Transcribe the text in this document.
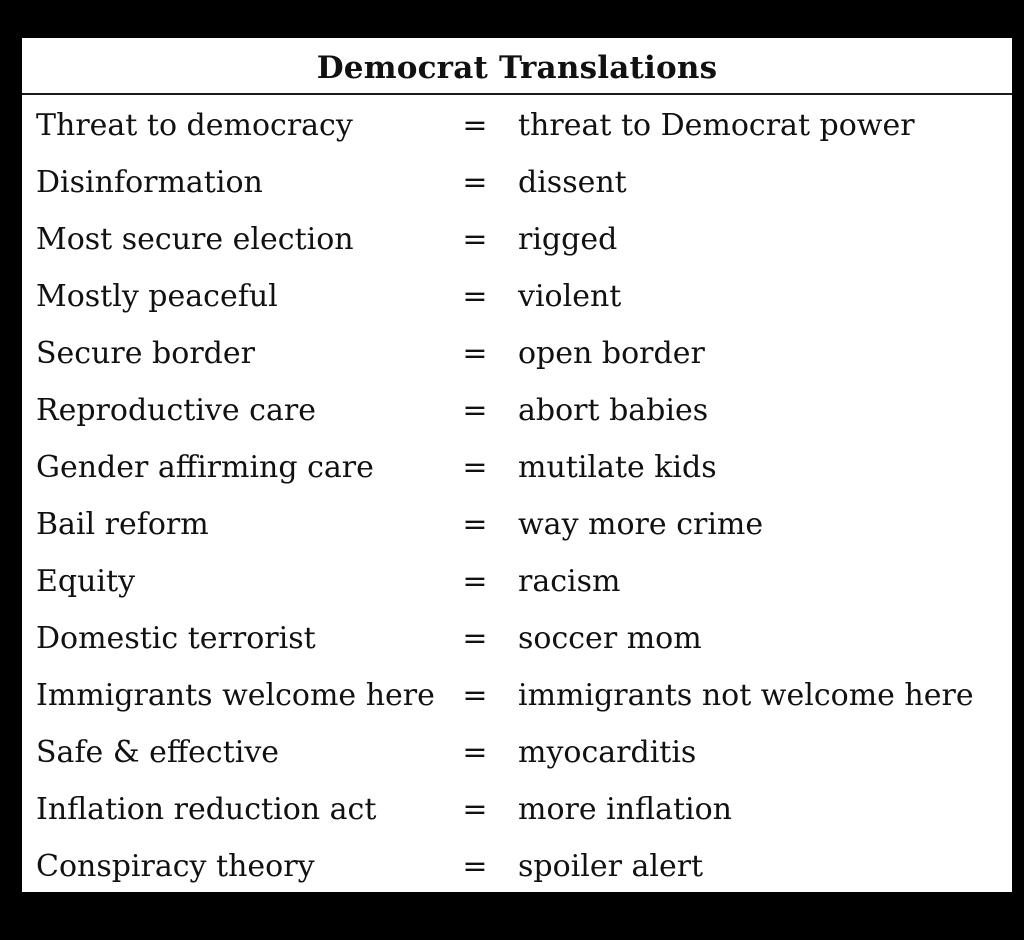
Democrat Translations
Threat to democracy	= threat to Democrat power
Disinformation	= dissent
Most secure election	= rigged
Mostly peaceful	= violent
Secure border	= open border
Reproductive care	= abort babies
Gender affirming care	= mutilate kids
Bail reform	= way more crime
Equity	= racism
Domestic terrorist	= soccer mom
Immigrants welcome here = immigrants not welcome here
Safe & effective	= myocarditis
Inflation reduction act	= more inflation
Conspiracy theory	= spoiler alert
